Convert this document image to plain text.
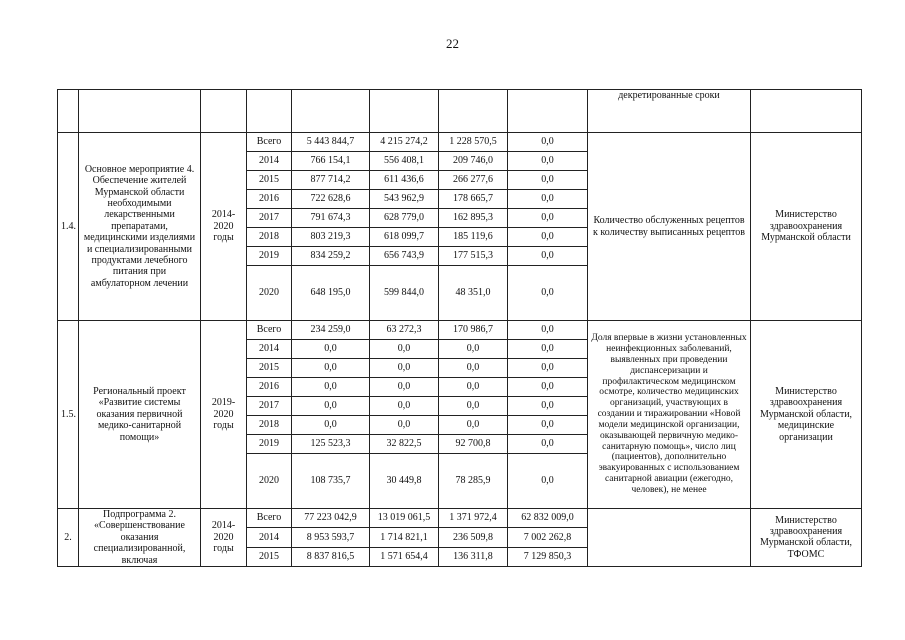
22
								декретированные сроки	
1.4.	Основное мероприятие 4. Обеспечение жителей Мурманской области необходимыми лекарственными препаратами, медицинскими изделиями и специализированными продуктами лечебного питания при амбулаторном лечении	2014-2020 годы	Всего	5 443 844,7	4 215 274,2	1 228 570,5	0,0	Количество обслуженных рецептов к количеству выписанных рецептов	Министерство здравоохранения Мурманской области
			2014	766 154,1	556 408,1	209 746,0	0,0		
			2015	877 714,2	611 436,6	266 277,6	0,0		
			2016	722 628,6	543 962,9	178 665,7	0,0		
			2017	791 674,3	628 779,0	162 895,3	0,0		
			2018	803 219,3	618 099,7	185 119,6	0,0		
			2019	834 259,2	656 743,9	177 515,3	0,0		
			2020	648 195,0	599 844,0	48 351,0	0,0		
1.5.	Региональный проект «Развитие системы оказания первичной медико-санитарной помощи»	2019-2020 годы	Всего	234 259,0	63 272,3	170 986,7	0,0	Доля впервые в жизни установленных неинфекционных заболеваний, выявленных при проведении диспансеризации и профилактическом медицинском осмотре, количество медицинских организаций, участвующих в создании и тиражировании «Новой модели медицинской организации, оказывающей первичную медико-санитарную помощь», число лиц (пациентов), дополнительно эвакуированных с использованием санитарной авиации (ежегодно, человек), не менее	Министерство здравоохранения Мурманской области, медицинские организации
			2014	0,0	0,0	0,0	0,0		
			2015	0,0	0,0	0,0	0,0		
			2016	0,0	0,0	0,0	0,0		
			2017	0,0	0,0	0,0	0,0		
			2018	0,0	0,0	0,0	0,0		
			2019	125 523,3	32 822,5	92 700,8	0,0		
			2020	108 735,7	30 449,8	78 285,9	0,0		
2.	Подпрограмма 2. «Совершенствование оказания специализированной, включая	2014-2020 годы	Всего	77 223 042,9	13 019 061,5	1 371 972,4	62 832 009,0		Министерство здравоохранения Мурманской области, ТФОМС
			2014	8 953 593,7	1 714 821,1	236 509,8	7 002 262,8		
			2015	8 837 816,5	1 571 654,4	136 311,8	7 129 850,3		
